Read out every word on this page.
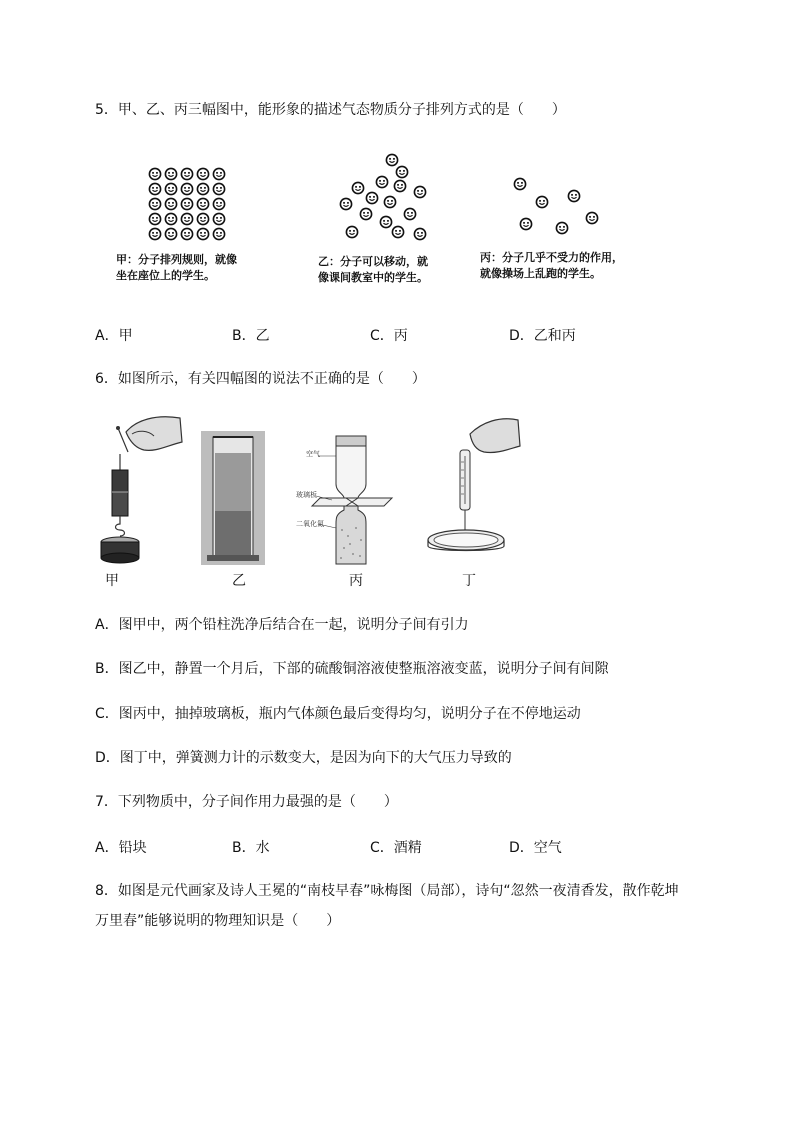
5．甲、乙、丙三幅图中，能形象的描述气态物质分子排列方式的是（　　）
甲：分子排列规则，就像
坐在座位上的学生。
乙：分子可以移动，就
像课间教室中的学生。
丙：分子几乎不受力的作用，
就像操场上乱跑的学生。
A．甲	B．乙	C．丙	D．乙和丙
6．如图所示，有关四幅图的说法不正确的是（　　）
空气
玻璃板
二氧化氮
甲	乙	丙	丁
A．图甲中，两个铅柱洗净后结合在一起，说明分子间有引力
B．图乙中，静置一个月后，下部的硫酸铜溶液使整瓶溶液变蓝，说明分子间有间隙
C．图丙中，抽掉玻璃板，瓶内气体颜色最后变得均匀，说明分子在不停地运动
D．图丁中，弹簧测力计的示数变大，是因为向下的大气压力导致的
7．下列物质中，分子间作用力最强的是（　　）
A．铅块	B．水	C．酒精	D．空气
8．如图是元代画家及诗人王冕的“南枝早春”咏梅图（局部），诗句“忽然一夜清香发，散作乾坤
万里春”能够说明的物理知识是（　　）
